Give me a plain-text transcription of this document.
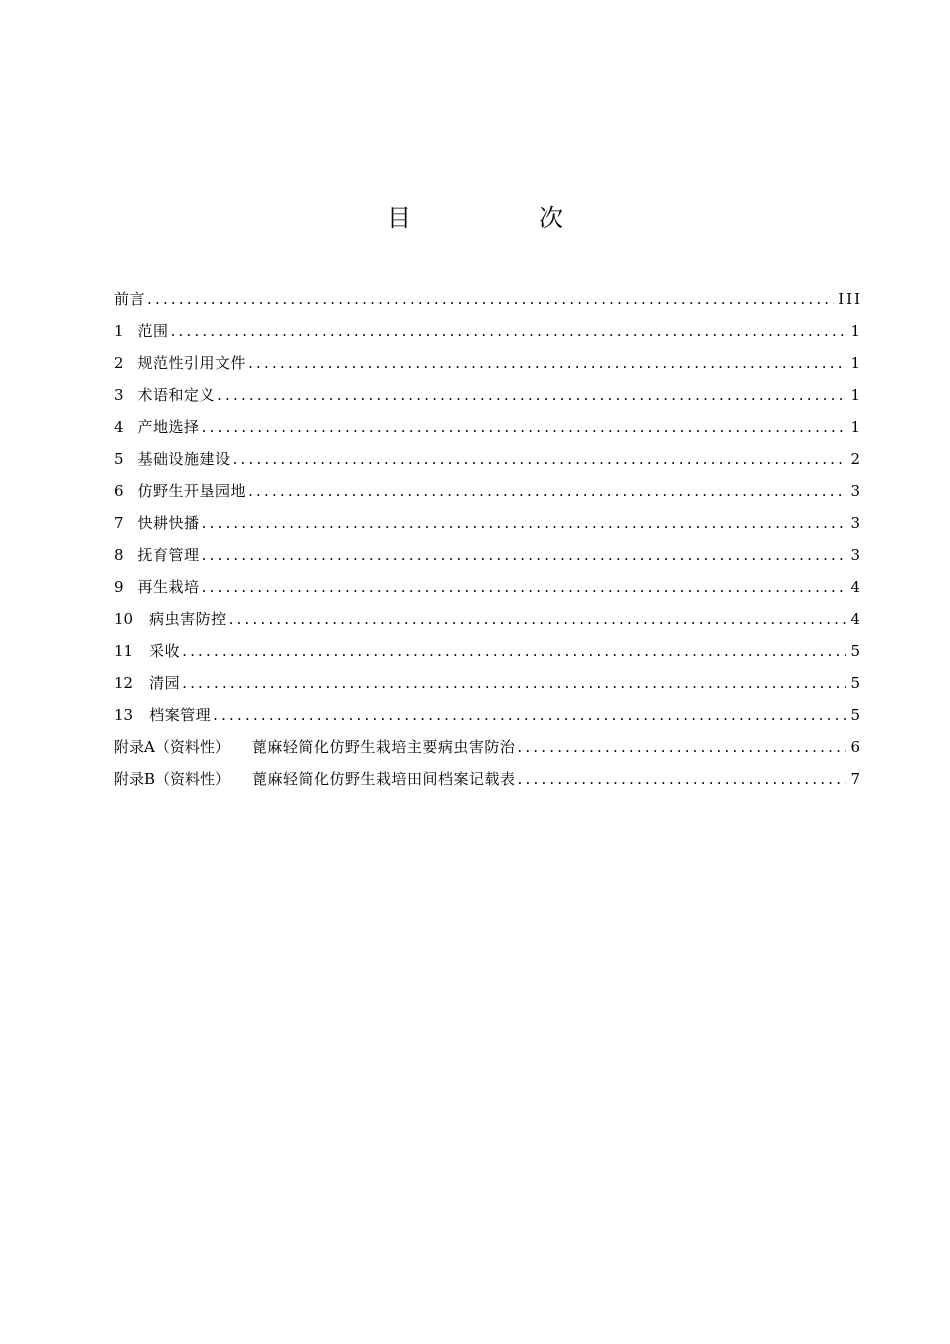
目　次
前言 .....	III
1 范围 .....	1
2 规范性引用文件 .....	1
3 术语和定义 .....	1
4 产地选择 .....	1
5 基础设施建设 .....	2
6 仿野生开垦园地 .....	3
7 快耕快播 .....	3
8 抚育管理 .....	3
9 再生栽培 .....	4
10 病虫害防控 .....	4
11 采收 .....	5
12 清园 .....	5
13 档案管理 .....	5
附录A（资料性） 蓖麻轻简化仿野生栽培主要病虫害防治 .....	6
附录B（资料性） 蓖麻轻简化仿野生栽培田间档案记载表 .....	7
